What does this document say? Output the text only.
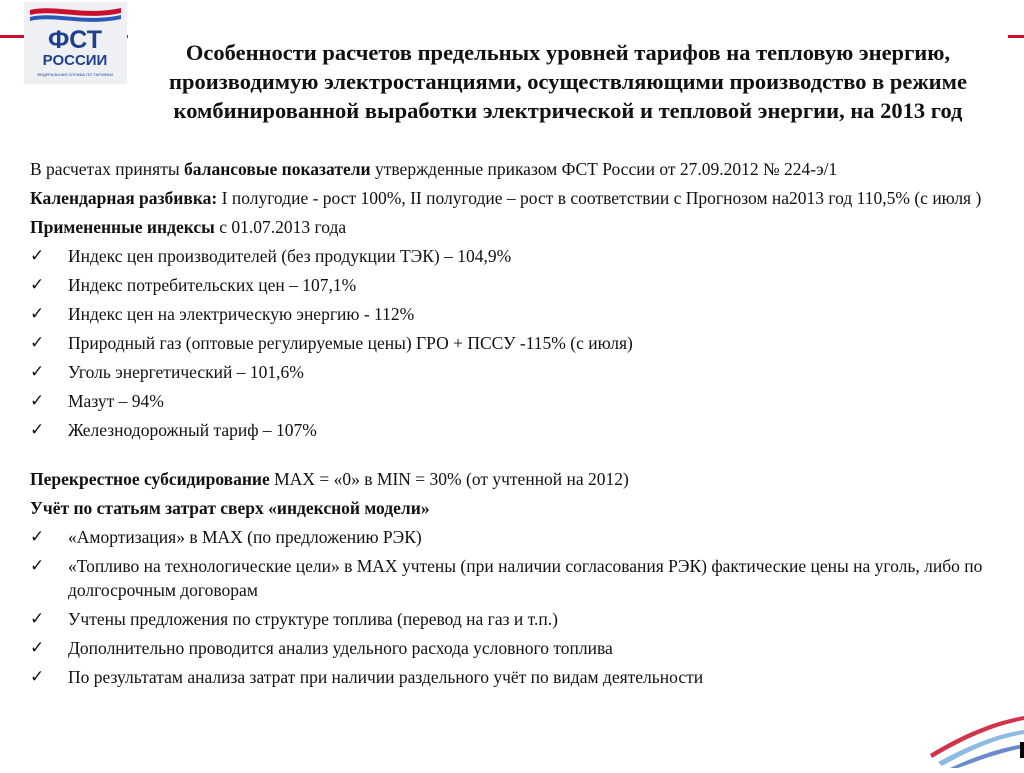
ФСТ
РОССИИ
ФЕДЕРАЛЬНАЯ СЛУЖБА ПО ТАРИФАМ
Особенности расчетов предельных уровней тарифов на тепловую энергию, производимую электростанциями, осуществляющими производство в режиме комбинированной выработки электрической и тепловой энергии, на 2013 год
В расчетах приняты балансовые показатели утвержденные приказом ФСТ России от 27.09.2012 № 224-э/1
Календарная разбивка: I полугодие - рост 100%, II полугодие – рост в соответствии с Прогнозом на2013 год 110,5% (с июля )
Примененные индексы с 01.07.2013 года
✓	Индекс цен производителей (без продукции ТЭК) – 104,9%
✓	Индекс потребительских цен – 107,1%
✓	Индекс цен на электрическую энергию - 112%
✓	Природный газ (оптовые регулируемые цены) ГРО + ПССУ -115% (с июля)
✓	Уголь энергетический – 101,6%
✓	Мазут – 94%
✓	Железнодорожный тариф – 107%
Перекрестное субсидирование MAX = «0» в MIN = 30% (от учтенной на 2012)
Учёт по статьям затрат сверх «индексной модели»
✓	«Амортизация» в MAX (по предложению РЭК)
✓	«Топливо на технологические цели» в MAX учтены (при наличии согласования РЭК) фактические цены на уголь, либо по долгосрочным договорам
✓	Учтены предложения по структуре топлива (перевод на газ и т.п.)
✓	Дополнительно проводится анализ удельного расхода условного топлива
✓	По результатам анализа затрат при наличии раздельного учёт по видам деятельности
